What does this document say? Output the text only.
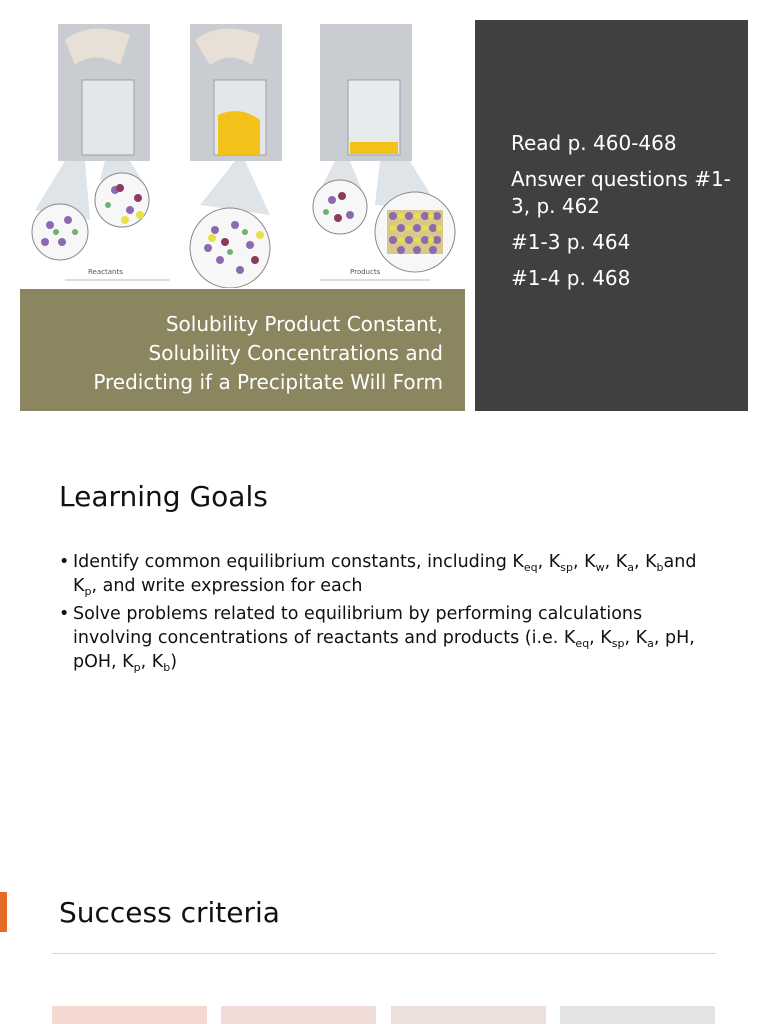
Reactants	Products
Solubility Product Constant,
Solubility Concentrations and
Predicting if a Precipitate Will Form

Read p. 460-468

Answer questions #1-3, p. 462

#1-3 p. 464

#1-4 p. 468

Learning Goals
• Identify common equilibrium constants, including $K_{eq}$, $K_{sp}$, $K_w$, $K_a$, $K_band$ $K_p$, and write expression for each
• Solve problems related to equilibrium by performing calculations involving concentrations of reactants and products (i.e. $K_{eq}$, $K_{sp}$, $K_a$, pH, pOH, $K_p$, $K_b$)
Success criteria
